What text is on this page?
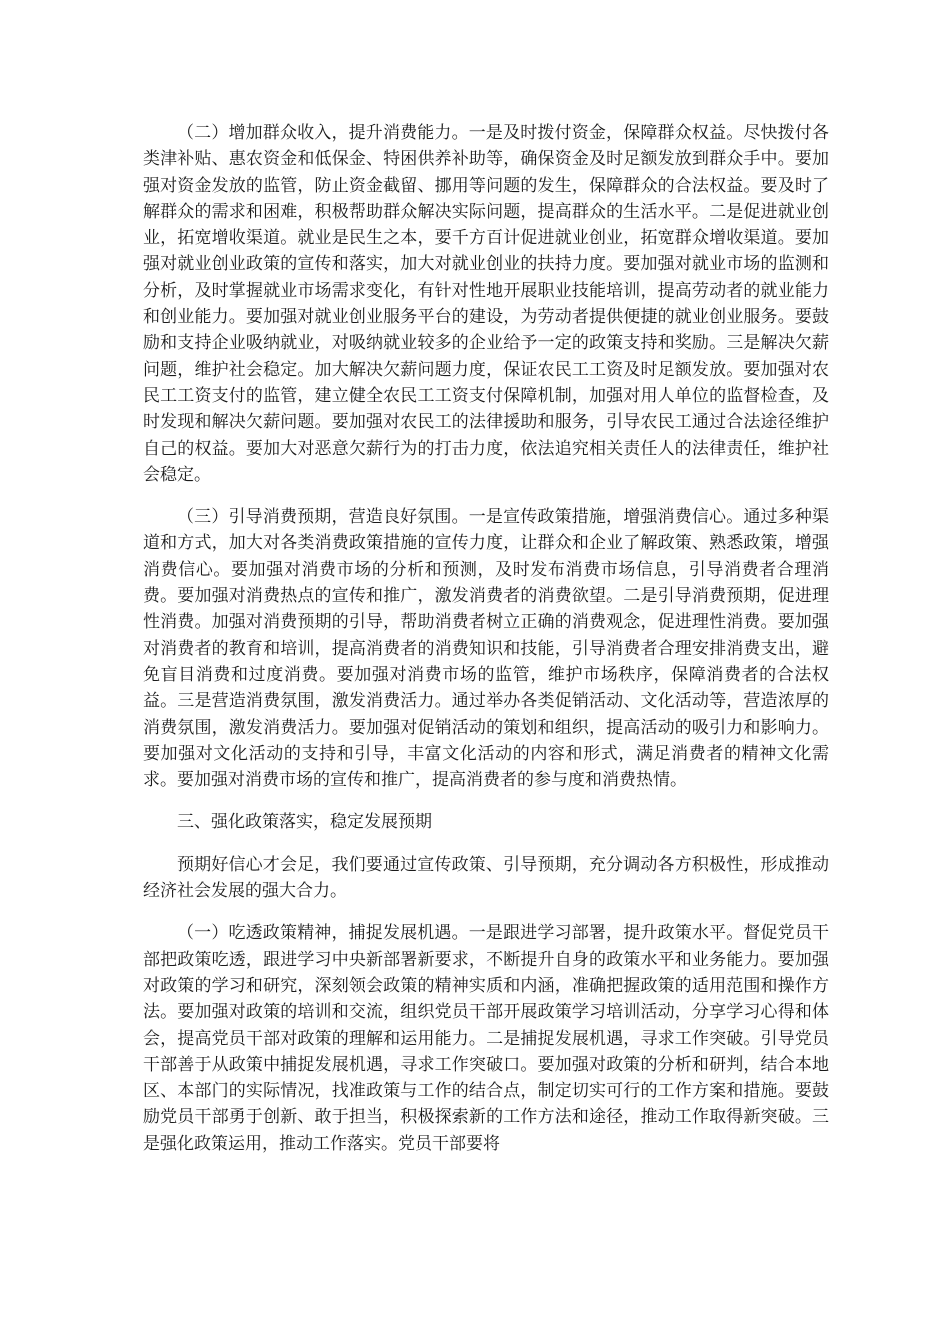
（二）增加群众收入，提升消费能力。一是及时拨付资金，保障群众权益。尽快拨付各类津补贴、惠农资金和低保金、特困供养补助等，确保资金及时足额发放到群众手中。要加强对资金发放的监管，防止资金截留、挪用等问题的发生，保障群众的合法权益。要及时了解群众的需求和困难，积极帮助群众解决实际问题，提高群众的生活水平。二是促进就业创业，拓宽增收渠道。就业是民生之本，要千方百计促进就业创业，拓宽群众增收渠道。要加强对就业创业政策的宣传和落实，加大对就业创业的扶持力度。要加强对就业市场的监测和分析，及时掌握就业市场需求变化，有针对性地开展职业技能培训，提高劳动者的就业能力和创业能力。要加强对就业创业服务平台的建设，为劳动者提供便捷的就业创业服务。要鼓励和支持企业吸纳就业，对吸纳就业较多的企业给予一定的政策支持和奖励。三是解决欠薪问题，维护社会稳定。加大解决欠薪问题力度，保证农民工工资及时足额发放。要加强对农民工工资支付的监管，建立健全农民工工资支付保障机制，加强对用人单位的监督检查，及时发现和解决欠薪问题。要加强对农民工的法律援助和服务，引导农民工通过合法途径维护自己的权益。要加大对恶意欠薪行为的打击力度，依法追究相关责任人的法律责任，维护社会稳定。

（三）引导消费预期，营造良好氛围。一是宣传政策措施，增强消费信心。通过多种渠道和方式，加大对各类消费政策措施的宣传力度，让群众和企业了解政策、熟悉政策，增强消费信心。要加强对消费市场的分析和预测，及时发布消费市场信息，引导消费者合理消费。要加强对消费热点的宣传和推广，激发消费者的消费欲望。二是引导消费预期，促进理性消费。加强对消费预期的引导，帮助消费者树立正确的消费观念，促进理性消费。要加强对消费者的教育和培训，提高消费者的消费知识和技能，引导消费者合理安排消费支出，避免盲目消费和过度消费。要加强对消费市场的监管，维护市场秩序，保障消费者的合法权益。三是营造消费氛围，激发消费活力。通过举办各类促销活动、文化活动等，营造浓厚的消费氛围，激发消费活力。要加强对促销活动的策划和组织，提高活动的吸引力和影响力。要加强对文化活动的支持和引导，丰富文化活动的内容和形式，满足消费者的精神文化需求。要加强对消费市场的宣传和推广，提高消费者的参与度和消费热情。

三、强化政策落实，稳定发展预期

预期好信心才会足，我们要通过宣传政策、引导预期，充分调动各方积极性，形成推动经济社会发展的强大合力。

（一）吃透政策精神，捕捉发展机遇。一是跟进学习部署，提升政策水平。督促党员干部把政策吃透，跟进学习中央新部署新要求，不断提升自身的政策水平和业务能力。要加强对政策的学习和研究，深刻领会政策的精神实质和内涵，准确把握政策的适用范围和操作方法。要加强对政策的培训和交流，组织党员干部开展政策学习培训活动，分享学习心得和体会，提高党员干部对政策的理解和运用能力。二是捕捉发展机遇，寻求工作突破。引导党员干部善于从政策中捕捉发展机遇，寻求工作突破口。要加强对政策的分析和研判，结合本地区、本部门的实际情况，找准政策与工作的结合点，制定切实可行的工作方案和措施。要鼓励党员干部勇于创新、敢于担当，积极探索新的工作方法和途径，推动工作取得新突破。三是强化政策运用，推动工作落实。党员干部要将
